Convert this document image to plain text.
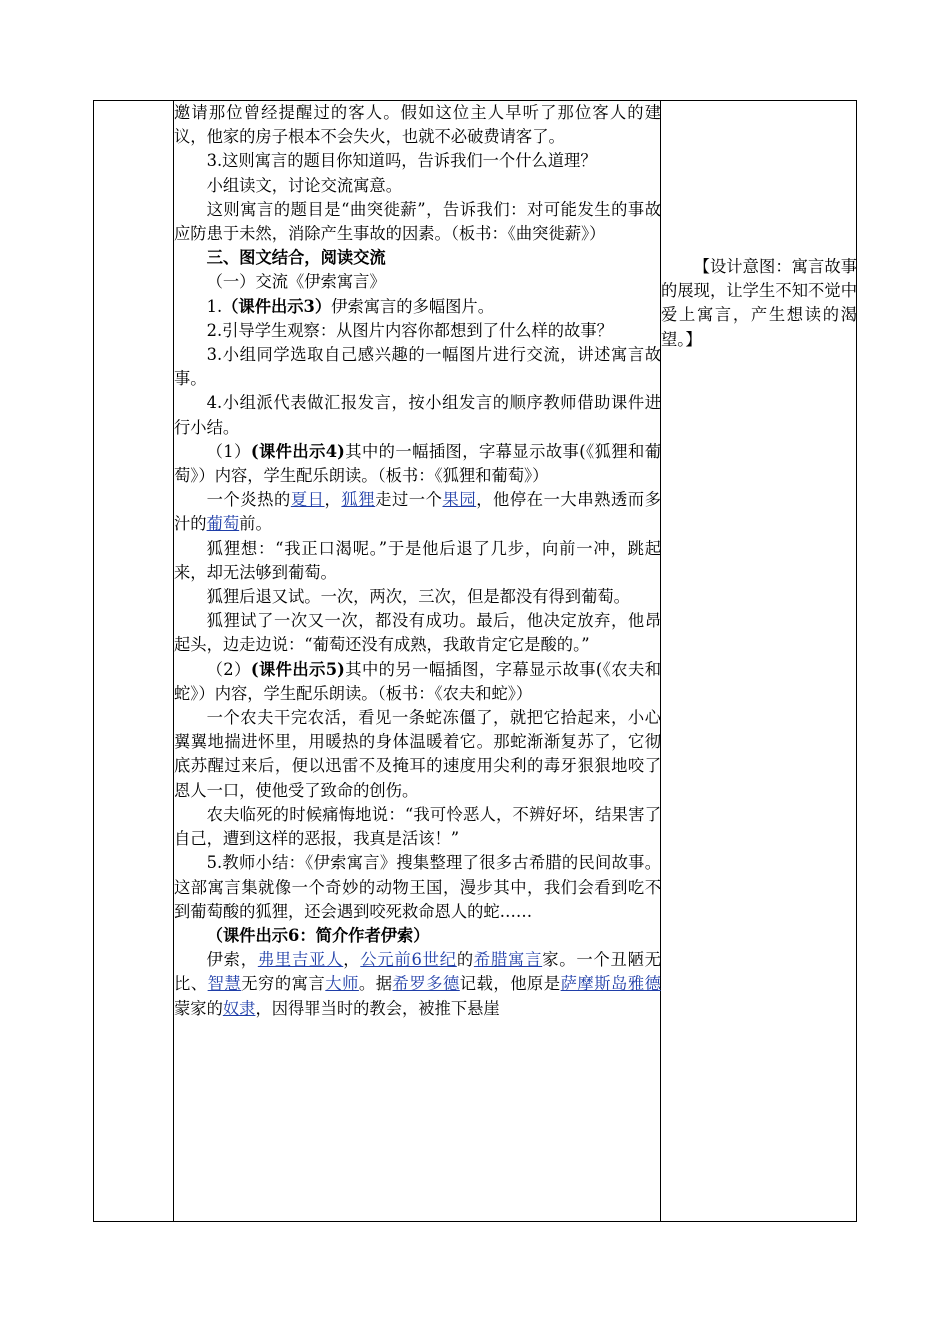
邀请那位曾经提醒过的客人。假如这位主人早听了那位客人的建议，他家的房子根本不会失火，也就不必破费请客了。

3.这则寓言的题目你知道吗，告诉我们一个什么道理？

小组读文，讨论交流寓意。

这则寓言的题目是“曲突徙薪”，告诉我们：对可能发生的事故应防患于未然，消除产生事故的因素。（板书：《曲突徙薪》）

三、图文结合，阅读交流

（一）交流《伊索寓言》

1.（课件出示3）伊索寓言的多幅图片。

2.引导学生观察：从图片内容你都想到了什么样的故事？

3.小组同学选取自己感兴趣的一幅图片进行交流，讲述寓言故事。

4.小组派代表做汇报发言，按小组发言的顺序教师借助课件进行小结。

（1）(课件出示4)其中的一幅插图，字幕显示故事(《狐狸和葡萄》）内容，学生配乐朗读。（板书：《狐狸和葡萄》）

一个炎热的夏日，狐狸走过一个果园，他停在一大串熟透而多汁的葡萄前。

狐狸想：“我正口渴呢。”于是他后退了几步，向前一冲，跳起来，却无法够到葡萄。

狐狸后退又试。一次，两次，三次，但是都没有得到葡萄。

狐狸试了一次又一次，都没有成功。最后，他决定放弃，他昂起头，边走边说：“葡萄还没有成熟，我敢肯定它是酸的。”

（2）(课件出示5)其中的另一幅插图，字幕显示故事(《农夫和蛇》）内容，学生配乐朗读。（板书：《农夫和蛇》）

一个农夫干完农活，看见一条蛇冻僵了，就把它拾起来，小心翼翼地揣进怀里，用暖热的身体温暖着它。那蛇渐渐复苏了，它彻底苏醒过来后，便以迅雷不及掩耳的速度用尖利的毒牙狠狠地咬了恩人一口，使他受了致命的创伤。

农夫临死的时候痛悔地说：“我可怜恶人，不辨好坏，结果害了自己，遭到这样的恶报，我真是活该！”

5.教师小结：《伊索寓言》搜集整理了很多古希腊的民间故事。这部寓言集就像一个奇妙的动物王国，漫步其中，我们会看到吃不到葡萄酸的狐狸，还会遇到咬死救命恩人的蛇……

（课件出示6：简介作者伊索）

伊索，弗里吉亚人，公元前6世纪的希腊寓言家。一个丑陋无比、智慧无穷的寓言大师。据希罗多德记载，他原是萨摩斯岛雅德蒙家的奴隶，因得罪当时的教会，被推下悬崖

【设计意图：寓言故事的展现，让学生不知不觉中爱上寓言，产生想读的渴望。】
